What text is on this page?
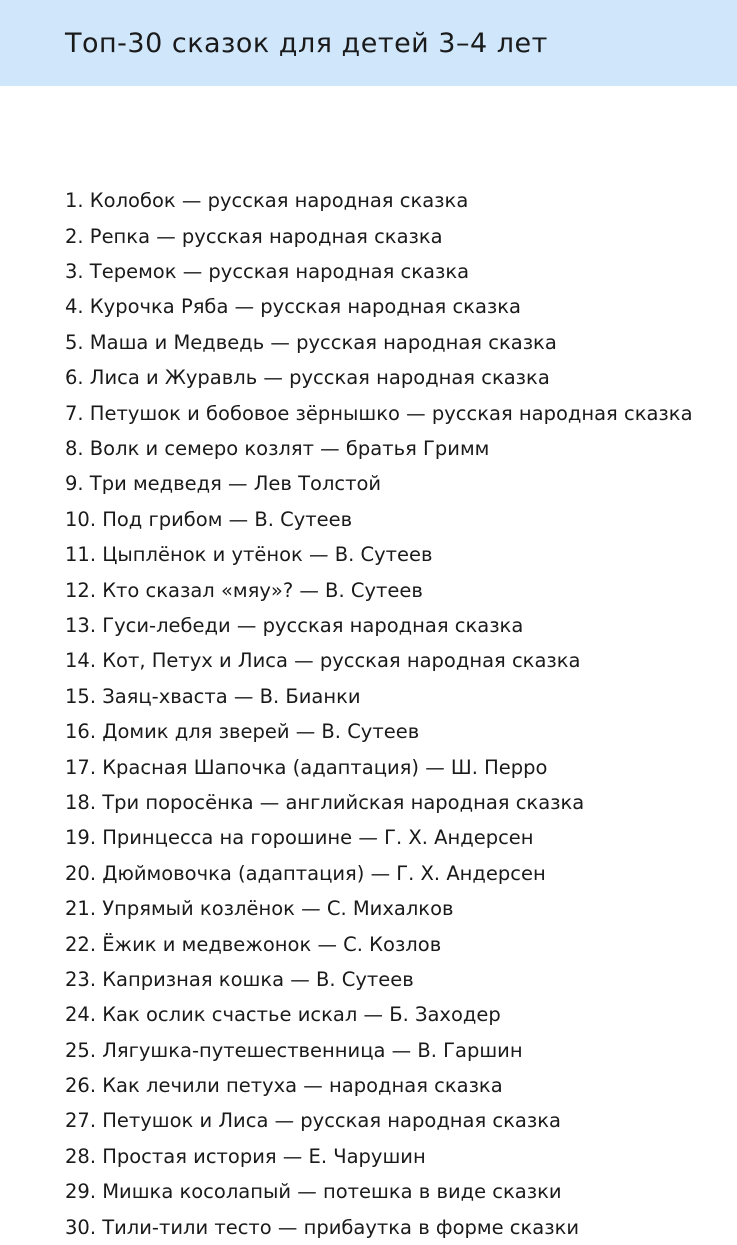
Топ-30 сказок для детей 3–4 лет
1. Колобок — русская народная сказка
2. Репка — русская народная сказка
3. Теремок — русская народная сказка
4. Курочка Ряба — русская народная сказка
5. Маша и Медведь — русская народная сказка
6. Лиса и Журавль — русская народная сказка
7. Петушок и бобовое зёрнышко — русская народная сказка
8. Волк и семеро козлят — братья Гримм
9. Три медведя — Лев Толстой
10. Под грибом — В. Сутеев
11. Цыплёнок и утёнок — В. Сутеев
12. Кто сказал «мяу»? — В. Сутеев
13. Гуси-лебеди — русская народная сказка
14. Кот, Петух и Лиса — русская народная сказка
15. Заяц-хваста — В. Бианки
16. Домик для зверей — В. Сутеев
17. Красная Шапочка (адаптация) — Ш. Перро
18. Три поросёнка — английская народная сказка
19. Принцесса на горошине — Г. Х. Андерсен
20. Дюймовочка (адаптация) — Г. Х. Андерсен
21. Упрямый козлёнок — С. Михалков
22. Ёжик и медвежонок — С. Козлов
23. Капризная кошка — В. Сутеев
24. Как ослик счастье искал — Б. Заходер
25. Лягушка-путешественница — В. Гаршин
26. Как лечили петуха — народная сказка
27. Петушок и Лиса — русская народная сказка
28. Простая история — Е. Чарушин
29. Мишка косолапый — потешка в виде сказки
30. Тили-тили тесто — прибаутка в форме сказки
